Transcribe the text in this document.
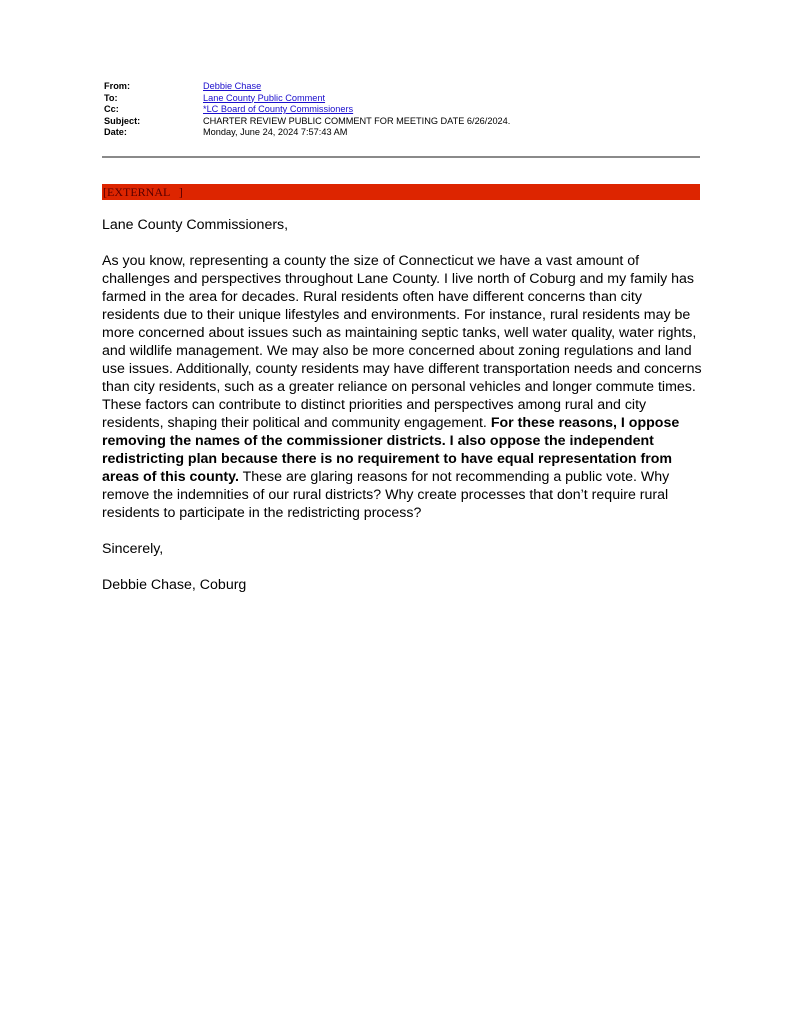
From:	Debbie Chase
To:	Lane County Public Comment
Cc:	*LC Board of County Commissioners
Subject:	CHARTER REVIEW PUBLIC COMMENT FOR MEETING DATE 6/26/2024.
Date:	Monday, June 24, 2024 7:57:43 AM
[EXTERNAL   ]

Lane County Commissioners,

As you know, representing a county the size of Connecticut we have a vast amount of challenges and perspectives throughout Lane County. I live north of Coburg and my family has farmed in the area for decades. Rural residents often have different concerns than city residents due to their unique lifestyles and environments. For instance, rural residents may be more concerned about issues such as maintaining septic tanks, well water quality, water rights, and wildlife management. We may also be more concerned about zoning regulations and land use issues. Additionally, county residents may have different transportation needs and concerns than city residents, such as a greater reliance on personal vehicles and longer commute times. These factors can contribute to distinct priorities and perspectives among rural and city residents, shaping their political and community engagement. For these reasons, I oppose removing the names of the commissioner districts. I also oppose the independent redistricting plan because there is no requirement to have equal representation from areas of this county. These are glaring reasons for not recommending a public vote. Why remove the indemnities of our rural districts? Why create processes that don’t require rural residents to participate in the redistricting process?

Sincerely,

Debbie Chase, Coburg
